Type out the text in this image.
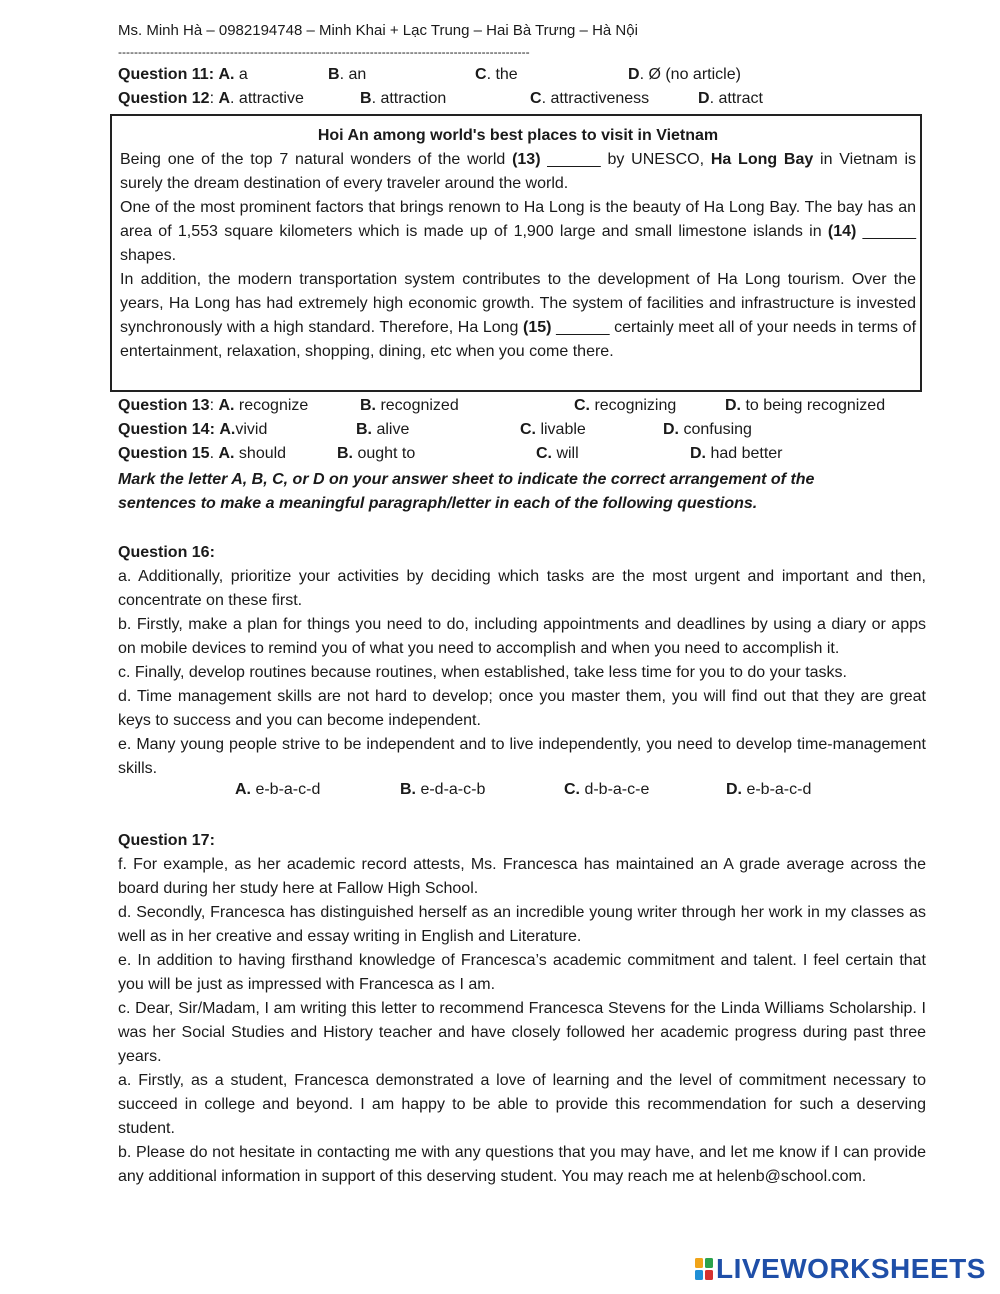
Ms. Minh Hà – 0982194748 – Minh Khai + Lạc Trung – Hai Bà Trưng – Hà Nội
-------------------------------------------------------------------------------------------------------
Question 11: A. a	B. an	C. the	D. Ø (no article)
Question 12: A. attractive	B. attraction	C. attractiveness	D. attract
Hoi An among world's best places to visit in Vietnam

Being one of the top 7 natural wonders of the world (13) ______ by UNESCO, Ha Long Bay in Vietnam is surely the dream destination of every traveler around the world.

One of the most prominent factors that brings renown to Ha Long is the beauty of Ha Long Bay. The bay has an area of 1,553 square kilometers which is made up of 1,900 large and small limestone islands in (14) ______ shapes.

In addition, the modern transportation system contributes to the development of Ha Long tourism. Over the years, Ha Long has had extremely high economic growth. The system of facilities and infrastructure is invested synchronously with a high standard. Therefore, Ha Long (15) ______ certainly meet all of your needs in terms of entertainment, relaxation, shopping, dining, etc when you come there.

Question 13: A. recognize	B. recognized	C. recognizing	D. to being recognized
Question 14: A.vivid	B. alive	C. livable	D. confusing
Question 15. A. should	B. ought to	C. will	D. had better
Mark the letter A, B, C, or D on your answer sheet to indicate the correct arrangement of the sentences to make a meaningful paragraph/letter in each of the following questions.
Question 16:

a. Additionally, prioritize your activities by deciding which tasks are the most urgent and important and then, concentrate on these first.

b. Firstly, make a plan for things you need to do, including appointments and deadlines by using a diary or apps on mobile devices to remind you of what you need to accomplish and when you need to accomplish it.

c. Finally, develop routines because routines, when established, take less time for you to do your tasks.

d. Time management skills are not hard to develop; once you master them, you will find out that they are great keys to success and you can become independent.

e. Many young people strive to be independent and to live independently, you need to develop time-management skills.

A. e-b-a-c-d	B. e-d-a-c-b	C. d-b-a-c-e	D. e-b-a-c-d
Question 17:

f. For example, as her academic record attests, Ms. Francesca has maintained an A grade average across the board during her study here at Fallow High School.

d. Secondly, Francesca has distinguished herself as an incredible young writer through her work in my classes as well as in her creative and essay writing in English and Literature.

e. In addition to having firsthand knowledge of Francesca’s academic commitment and talent. I feel certain that you will be just as impressed with Francesca as I am.

c. Dear, Sir/Madam, I am writing this letter to recommend Francesca Stevens for the Linda Williams Scholarship. I was her Social Studies and History teacher and have closely followed her academic progress during past three years.

a. Firstly, as a student, Francesca demonstrated a love of learning and the level of commitment necessary to succeed in college and beyond. I am happy to be able to provide this recommendation for such a deserving student.

b. Please do not hesitate in contacting me with any questions that you may have, and let me know if I can provide any additional information in support of this deserving student. You may reach me at helenb@school.com.

LIVEWORKSHEETS
